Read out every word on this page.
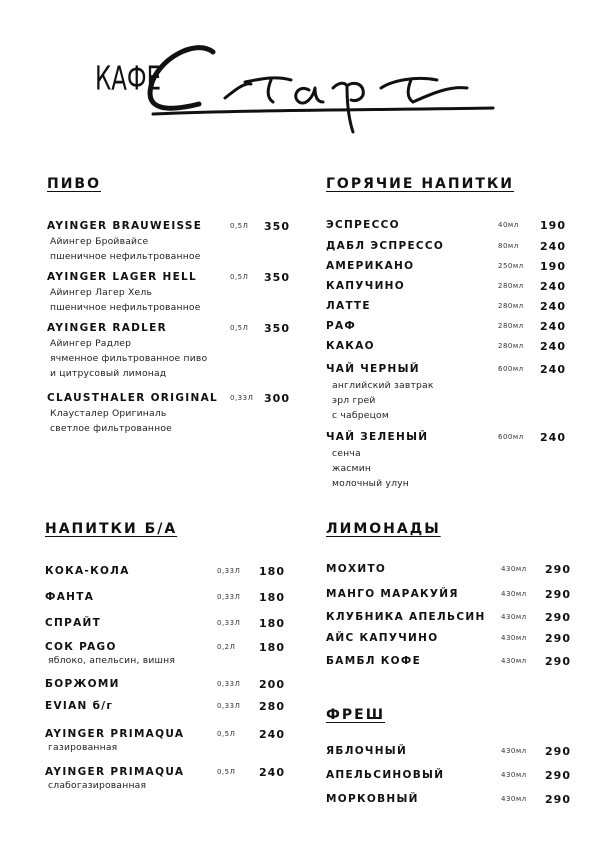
КАФЕ
ПИВО
AYINGER BRAUWEISSE	0,5Л 350
Айингер Бройвайсе
пшеничное нефильтрованное
AYINGER LAGER HELL	0,5Л 350
Айингер Лагер Хель
пшеничное нефильтрованное
AYINGER RADLER	0,5Л 350
Айингер Радлер
ячменное фильтрованное пиво
и цитрусовый лимонад
CLAUSTHALER ORIGINAL 0,33Л 300
Клаусталер Оригиналь
светлое фильтрованное
ГОРЯЧИЕ НАПИТКИ
ЭСПРЕССО	40мл 190
ДАБЛ ЭСПРЕССО	80мл 240
АМЕРИКАНО	250мл 190
КАПУЧИНО	280мл 240
ЛАТТЕ	280мл 240
РАФ	280мл 240
КАКАО	280мл 240
ЧАЙ ЧЕРНЫЙ	600мл 240
английский завтрак
эрл грей
с чабрецом
ЧАЙ ЗЕЛЕНЫЙ	600мл 240
сенча
жасмин
молочный улун
НАПИТКИ Б/А
КОКА-КОЛА	0,33Л 180
ФАНТА	0,33Л 180
СПРАЙТ	0,33Л 180
СОК PAGO	0,2Л 180
яблоко, апельсин, вишня
БОРЖОМИ	0,33Л 200
EVIAN б/г	0,33Л 280
AYINGER PRIMAQUA	0,5Л 240
газированная
AYINGER PRIMAQUA	0,5Л 240
слабогазированная
ЛИМОНАДЫ
МОХИТО	430мл 290
МАНГО МАРАКУЙЯ	430мл 290
КЛУБНИКА АПЕЛЬСИН 430мл 290
АЙС КАПУЧИНО	430мл 290
БАМБЛ КОФЕ	430мл 290
ФРЕШ
ЯБЛОЧНЫЙ	430мл 290
АПЕЛЬСИНОВЫЙ	430мл 290
МОРКОВНЫЙ	430мл 290
